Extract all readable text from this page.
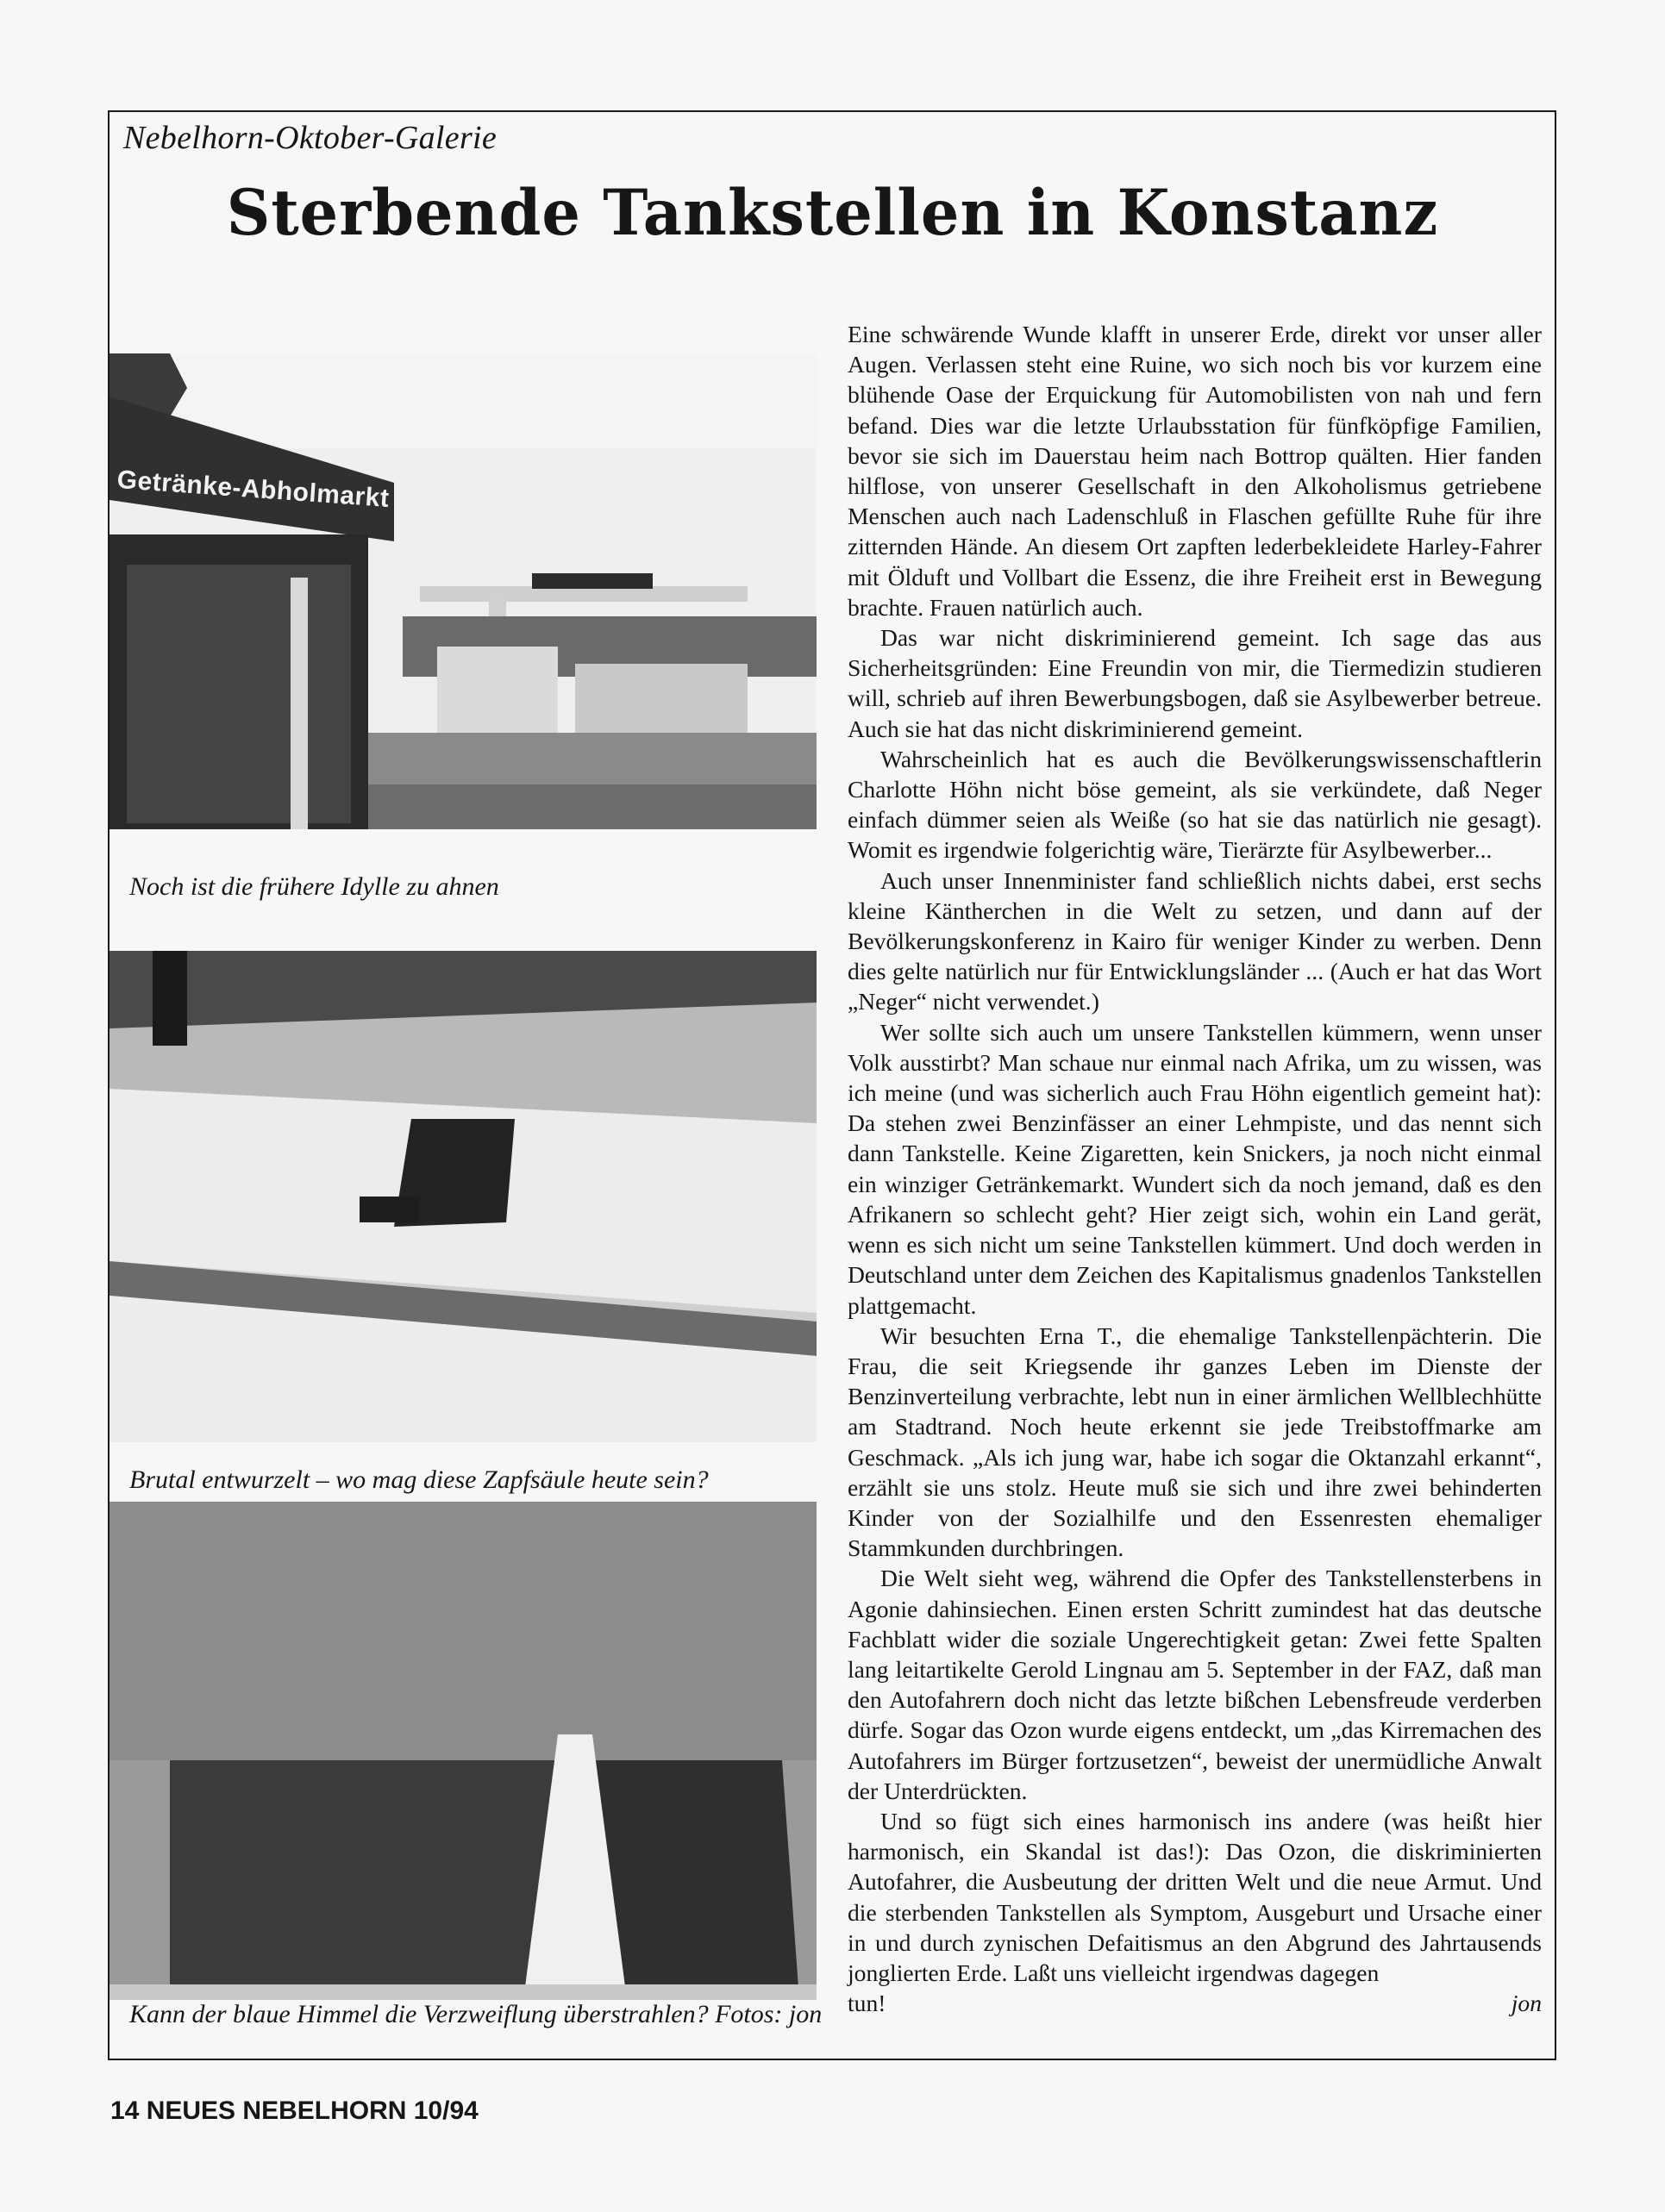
Nebelhorn-Oktober-Galerie
Sterbende Tankstellen in Konstanz
Getränke-Abholmarkt
Noch ist die frühere Idylle zu ahnen
Brutal entwurzelt – wo mag diese Zapfsäule heute sein?
Kann der blaue Himmel die Verzweiflung überstrahlen? Fotos: jon

Eine schwärende Wunde klafft in unserer Erde, direkt vor unser aller Augen. Verlassen steht eine Ruine, wo sich noch bis vor kurzem eine blühende Oase der Erquickung für Automobilisten von nah und fern befand. Dies war die letzte Urlaubsstation für fünfköpfige Familien, bevor sie sich im Dauerstau heim nach Bottrop quälten. Hier fanden hilflose, von unserer Gesellschaft in den Alkoholismus getriebene Menschen auch nach Ladenschluß in Flaschen gefüllte Ruhe für ihre zitternden Hände. An diesem Ort zapften lederbekleidete Harley-Fahrer mit Ölduft und Vollbart die Essenz, die ihre Freiheit erst in Bewegung brachte. Frauen natürlich auch.

Das war nicht diskriminierend gemeint. Ich sage das aus Sicherheitsgründen: Eine Freundin von mir, die Tiermedizin studieren will, schrieb auf ihren Bewerbungsbogen, daß sie Asylbewerber betreue. Auch sie hat das nicht diskriminierend gemeint.

Wahrscheinlich hat es auch die Bevölkerungswissenschaftlerin Charlotte Höhn nicht böse gemeint, als sie verkündete, daß Neger einfach dümmer seien als Weiße (so hat sie das natürlich nie gesagt). Womit es irgendwie folgerichtig wäre, Tierärzte für Asylbewerber...

Auch unser Innenminister fand schließlich nichts dabei, erst sechs kleine Käntherchen in die Welt zu setzen, und dann auf der Bevölkerungskonferenz in Kairo für weniger Kinder zu werben. Denn dies gelte natürlich nur für Entwicklungsländer ... (Auch er hat das Wort „Neger“ nicht verwendet.)

Wer sollte sich auch um unsere Tankstellen kümmern, wenn unser Volk ausstirbt? Man schaue nur einmal nach Afrika, um zu wissen, was ich meine (und was sicherlich auch Frau Höhn eigentlich gemeint hat): Da stehen zwei Benzinfässer an einer Lehmpiste, und das nennt sich dann Tankstelle. Keine Zigaretten, kein Snickers, ja noch nicht einmal ein winziger Getränkemarkt. Wundert sich da noch jemand, daß es den Afrikanern so schlecht geht? Hier zeigt sich, wohin ein Land gerät, wenn es sich nicht um seine Tankstellen kümmert. Und doch werden in Deutschland unter dem Zeichen des Kapitalismus gnadenlos Tankstellen plattgemacht.

Wir besuchten Erna T., die ehemalige Tankstellenpächterin. Die Frau, die seit Kriegsende ihr ganzes Leben im Dienste der Benzinverteilung verbrachte, lebt nun in einer ärmlichen Wellblechhütte am Stadtrand. Noch heute erkennt sie jede Treibstoffmarke am Geschmack. „Als ich jung war, habe ich sogar die Oktanzahl erkannt“, erzählt sie uns stolz. Heute muß sie sich und ihre zwei behinderten Kinder von der Sozialhilfe und den Essenresten ehemaliger Stammkunden durchbringen.

Die Welt sieht weg, während die Opfer des Tankstellensterbens in Agonie dahinsiechen. Einen ersten Schritt zumindest hat das deutsche Fachblatt wider die soziale Ungerechtigkeit getan: Zwei fette Spalten lang leitartikelte Gerold Lingnau am 5. September in der FAZ, daß man den Autofahrern doch nicht das letzte bißchen Lebensfreude verderben dürfe. Sogar das Ozon wurde eigens entdeckt, um „das Kirremachen des Autofahrers im Bürger fortzusetzen“, beweist der unermüdliche Anwalt der Unterdrückten.

Und so fügt sich eines harmonisch ins andere (was heißt hier harmonisch, ein Skandal ist das!): Das Ozon, die diskriminierten Autofahrer, die Ausbeutung der dritten Welt und die neue Armut. Und die sterbenden Tankstellen als Symptom, Ausgeburt und Ursache einer in und durch zynischen Defaitismus an den Abgrund des Jahrtausends jonglierten Erde. Laßt uns vielleicht irgendwas dagegen

tun!	jon
14 NEUES NEBELHORN 10/94
